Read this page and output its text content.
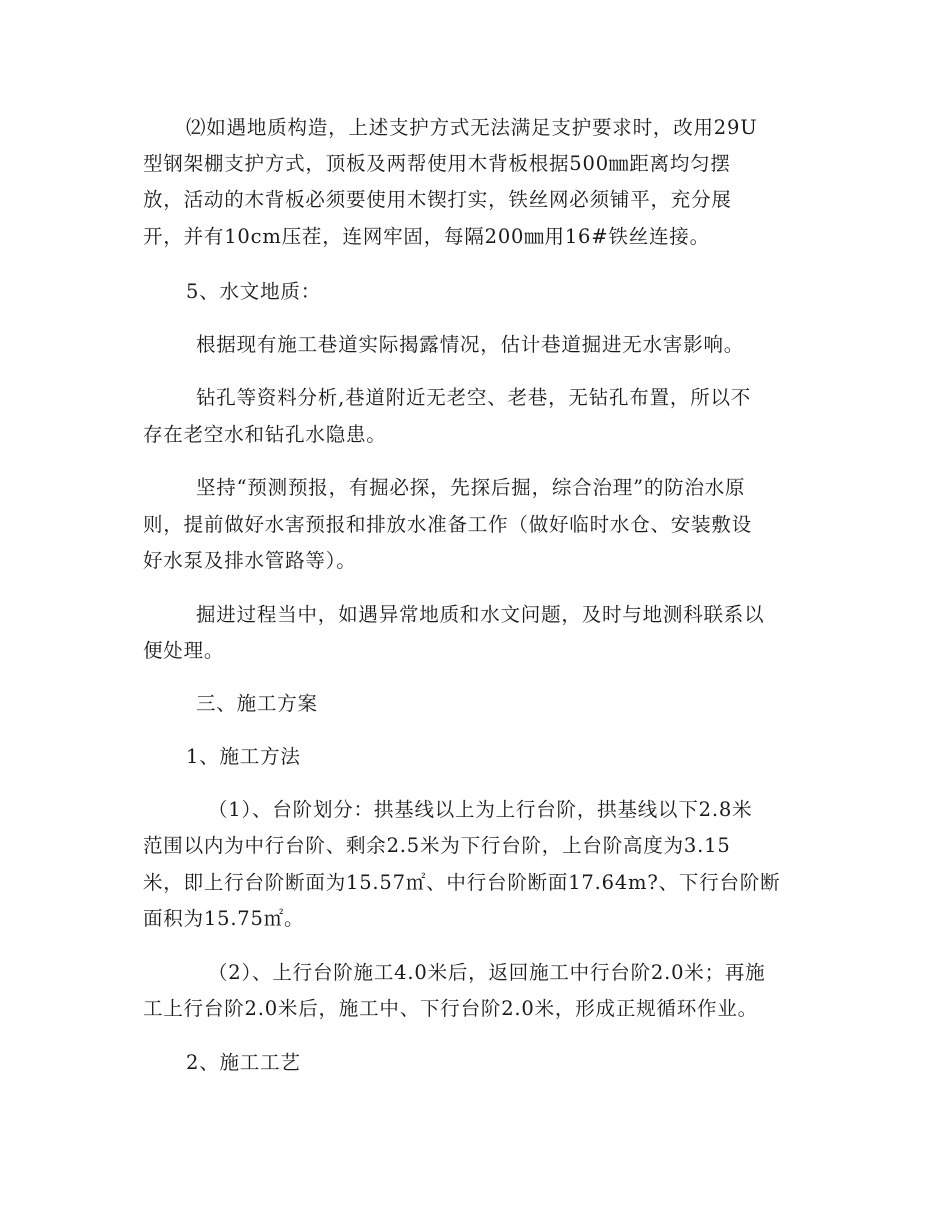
⑵如遇地质构造，上述支护方式无法满足支护要求时，改用29U
型钢架棚支护方式，顶板及两帮使用木背板根据500㎜距离均匀摆
放，活动的木背板必须要使用木锲打实，铁丝网必须铺平，充分展
开，并有10cm压茬，连网牢固，每隔200㎜用16#铁丝连接。
5、水文地质：
根据现有施工巷道实际揭露情况，估计巷道掘进无水害影响。
钻孔等资料分析,巷道附近无老空、老巷，无钻孔布置，所以不
存在老空水和钻孔水隐患。
坚持“预测预报，有掘必探，先探后掘，综合治理”的防治水原
则，提前做好水害预报和排放水准备工作（做好临时水仓、安装敷设
好水泵及排水管路等）。
掘进过程当中，如遇异常地质和水文问题，及时与地测科联系以
便处理。
三、施工方案
1、施工方法
（1）、台阶划分：拱基线以上为上行台阶，拱基线以下2.8米
范围以内为中行台阶、剩余2.5米为下行台阶，上台阶高度为3.15
米，即上行台阶断面为15.57㎡、中行台阶断面17.64m?、下行台阶断
面积为15.75㎡。
（2）、上行台阶施工4.0米后，返回施工中行台阶2.0米；再施
工上行台阶2.0米后，施工中、下行台阶2.0米，形成正规循环作业。
2、施工工艺
